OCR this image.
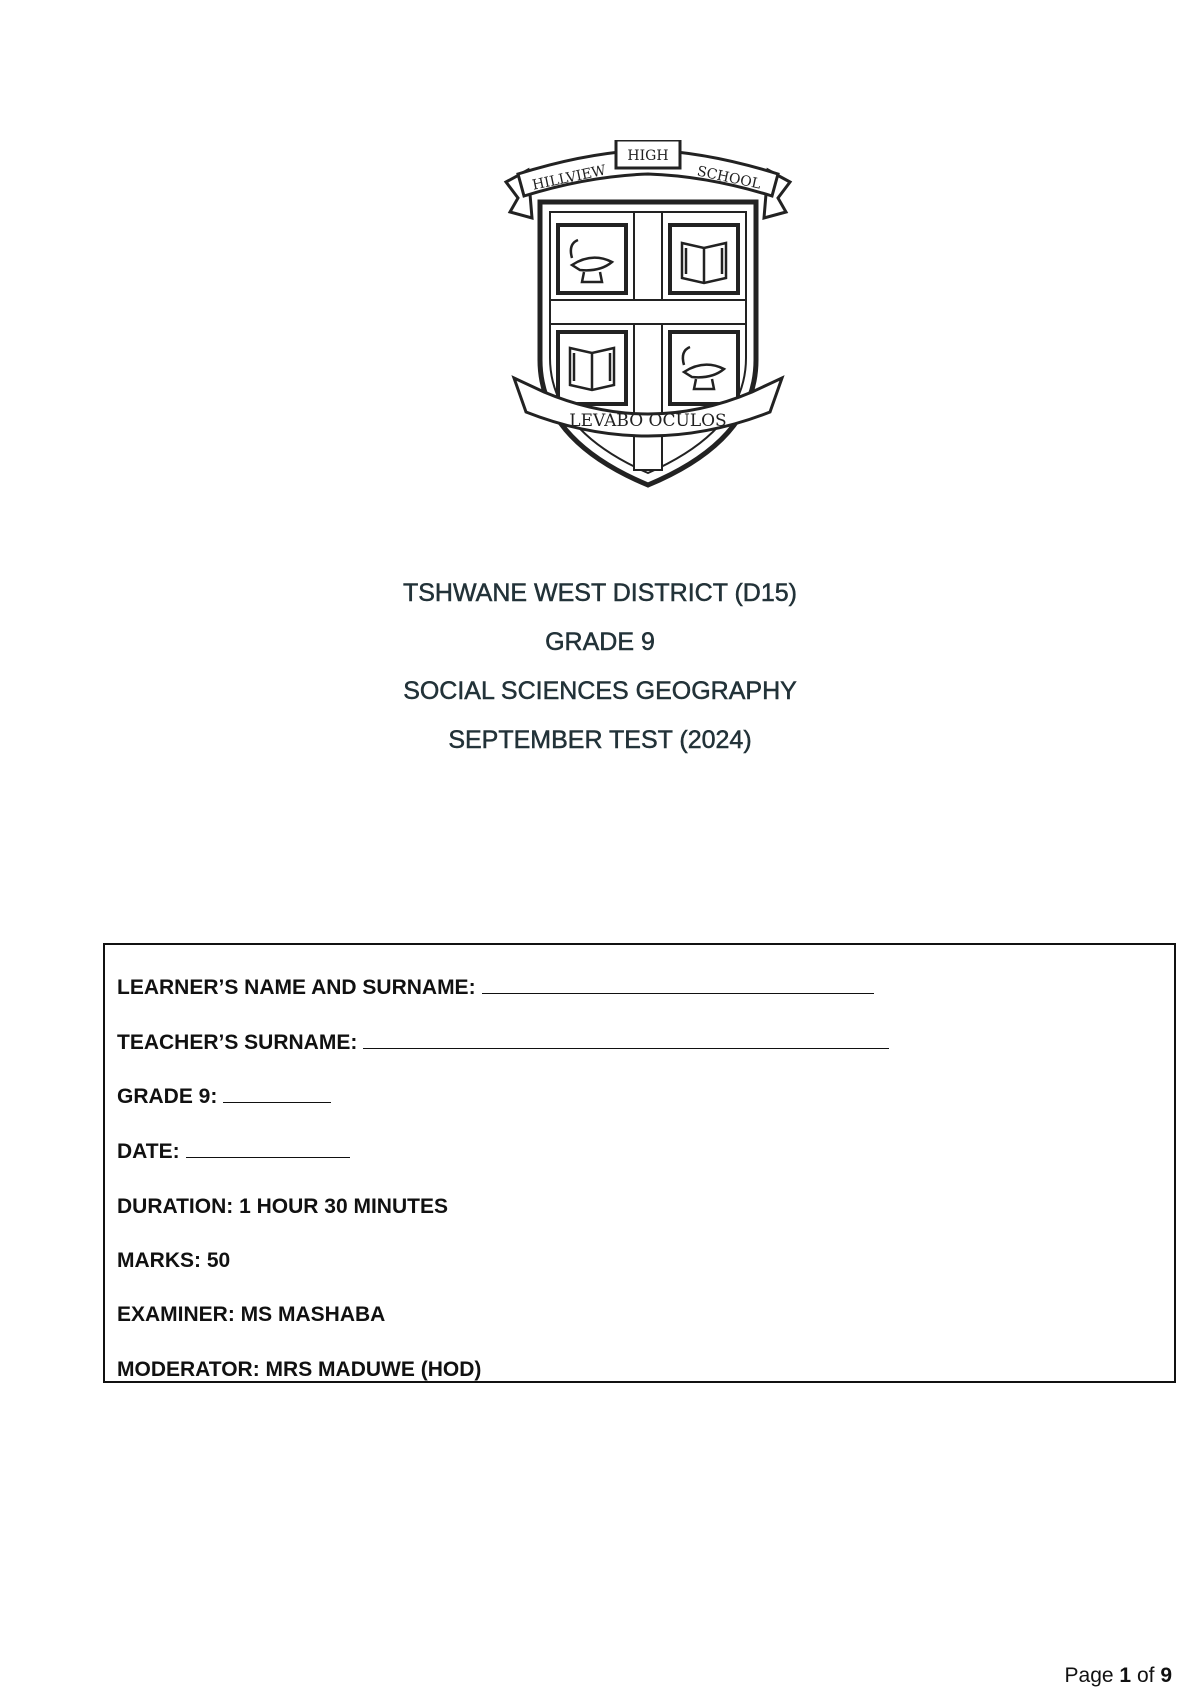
HIGH
HILLVIEW	SCHOOL
LEVABO OCULOS
TSHWANE WEST DISTRICT (D15)
GRADE 9
SOCIAL SCIENCES GEOGRAPHY
SEPTEMBER TEST (2024)
LEARNER’S NAME AND SURNAME:
TEACHER’S SURNAME:
GRADE 9:
DATE:
DURATION: 1 HOUR 30 MINUTES
MARKS: 50
EXAMINER: MS MASHABA
MODERATOR: MRS MADUWE (HOD)
Page 1 of 9
